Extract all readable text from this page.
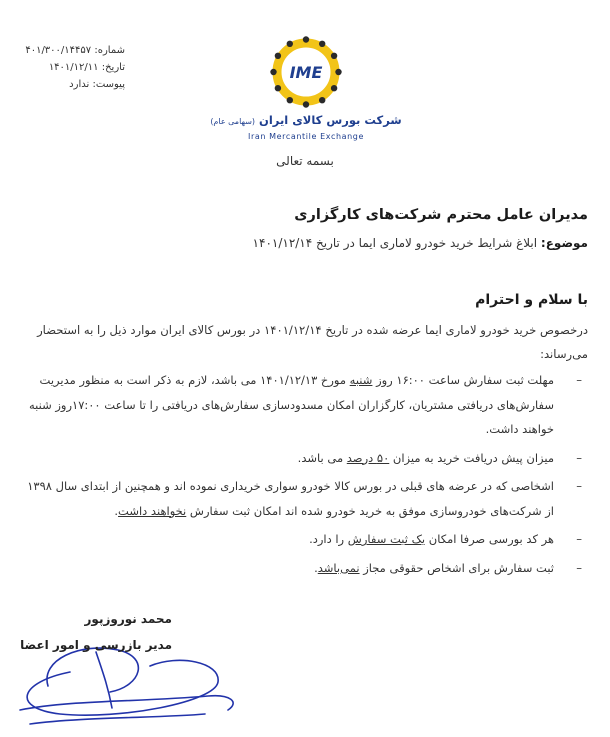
شماره: ۴۰۱/۳۰۰/۱۴۴۵۷
تاریخ: ۱۴۰۱/۱۲/۱۱
پیوست: ندارد
IME
شرکت بورس کالای ایران (سهامی عام)
Iran Mercantile Exchange
بسمه تعالی
مدیران عامل محترم شرکت‌های کارگزاری
موضوع: ابلاغ شرایط خرید خودرو لاماری ایما در تاریخ ۱۴۰۱/۱۲/۱۴
با سلام و احترام
درخصوص خرید خودرو لاماری ایما عرضه شده در تاریخ ۱۴۰۱/۱۲/۱۴ در بورس کالای ایران موارد ذیل را به استحضار می‌رساند:
–
مهلت ثبت سفارش ساعت ۱۶:۰۰ روز شنبه مورخ ۱۴۰۱/۱۲/۱۳ می باشد، لازم به ذکر است به منظور مدیریت سفارش‌های دریافتی مشتریان، کارگزاران امکان مسدودسازی سفارش‌های دریافتی را تا ساعت ۱۷:۰۰روز شنبه خواهند داشت.
–
میزان پیش دریافت خرید به میزان ۵۰ درصد می باشد.
–
اشخاصی که در عرضه های قبلی در بورس کالا خودرو سواری خریداری نموده اند و همچنین از ابتدای سال ۱۳۹۸ از شرکت‌های خودروسازی موفق به خرید خودرو شده اند امکان ثبت سفارش نخواهند داشت.
–
هر کد بورسی صرفا امکان یک ثبت سفارش را دارد.
–
ثبت سفارش برای اشخاص حقوقی مجاز نمی‌باشد.
محمد نوروزپور
مدیر بازرسی و امور اعضا
